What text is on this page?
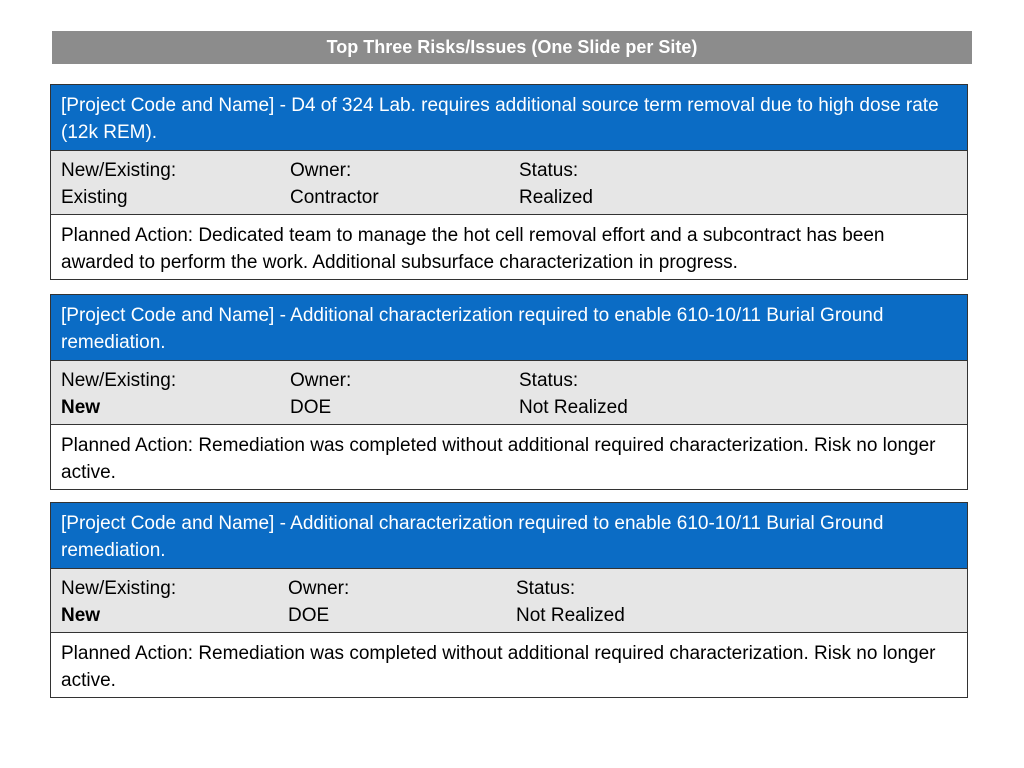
Top Three Risks/Issues (One Slide per Site)
[Project Code and Name] - D4 of 324 Lab. requires additional source term removal due to high dose rate (12k REM).
New/Existing:
Existing
Owner:
Contractor
Status:
Realized
Planned Action: Dedicated team to manage the hot cell removal effort and a subcontract has been awarded to perform the work. Additional subsurface characterization in progress.
[Project Code and Name] - Additional characterization required to enable 610-10/11 Burial Ground remediation.
New/Existing:
New
Owner:
DOE
Status:
Not Realized
Planned Action: Remediation was completed without additional required characterization. Risk no longer active.
[Project Code and Name] - Additional characterization required to enable 610-10/11 Burial Ground remediation.
New/Existing:
New
Owner:
DOE
Status:
Not Realized
Planned Action: Remediation was completed without additional required characterization. Risk no longer active.
